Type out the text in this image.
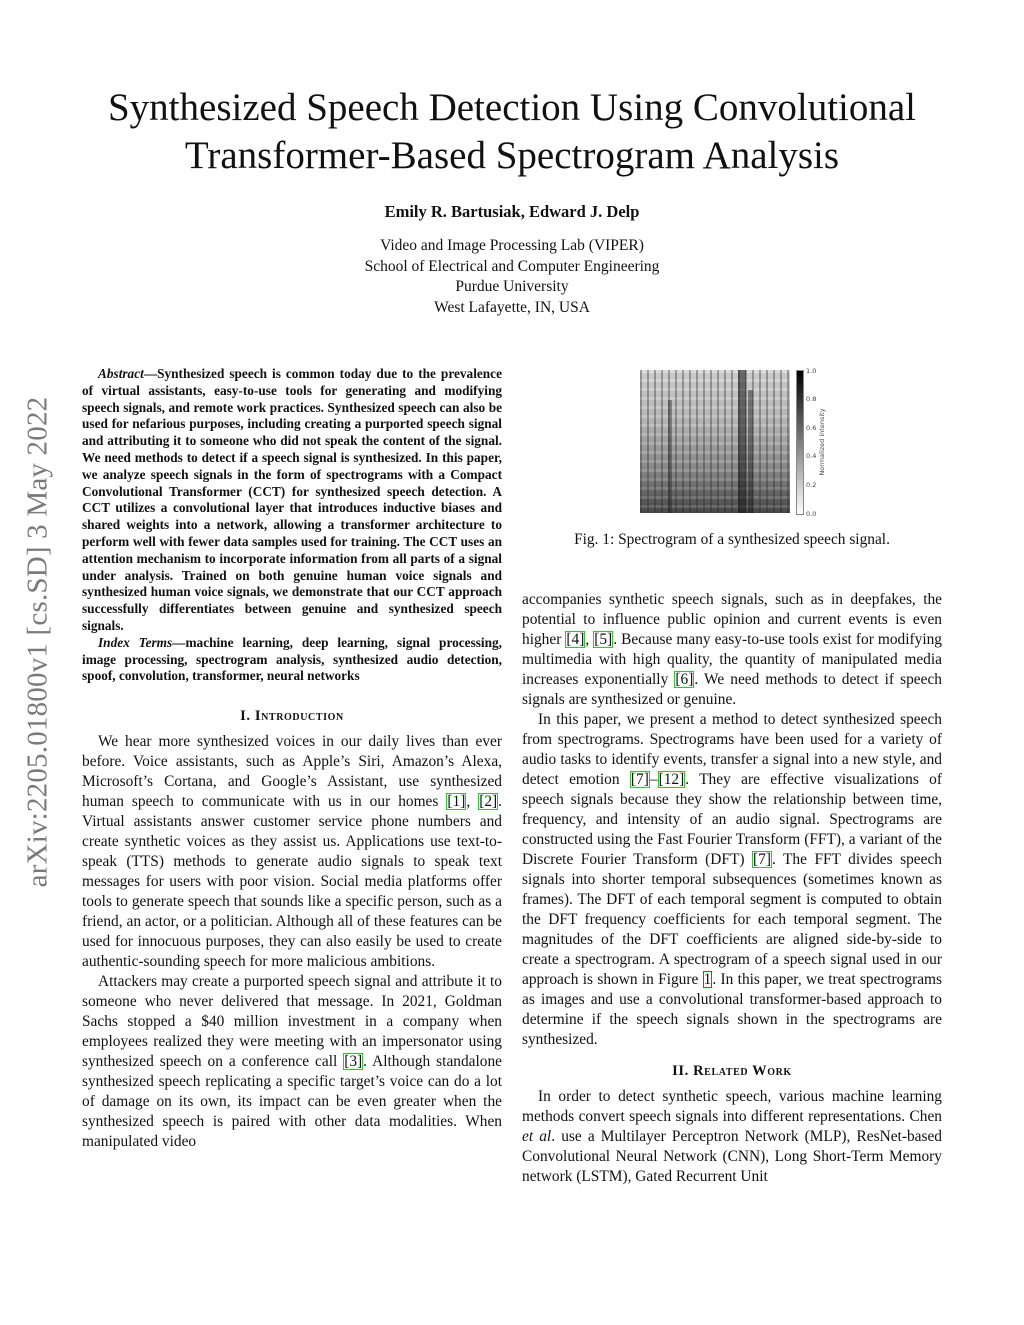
arXiv:2205.01800v1 [cs.SD] 3 May 2022
Synthesized Speech Detection Using Convolutional
Transformer-Based Spectrogram Analysis
Emily R. Bartusiak, Edward J. Delp
Video and Image Processing Lab (VIPER)
School of Electrical and Computer Engineering
Purdue University
West Lafayette, IN, USA

Abstract—Synthesized speech is common today due to the prevalence of virtual assistants, easy-to-use tools for generating and modifying speech signals, and remote work practices. Synthesized speech can also be used for nefarious purposes, including creating a purported speech signal and attributing it to someone who did not speak the content of the signal. We need methods to detect if a speech signal is synthesized. In this paper, we analyze speech signals in the form of spectrograms with a Compact Convolutional Transformer (CCT) for synthesized speech detection. A CCT utilizes a convolutional layer that introduces inductive biases and shared weights into a network, allowing a transformer architecture to perform well with fewer data samples used for training. The CCT uses an attention mechanism to incorporate information from all parts of a signal under analysis. Trained on both genuine human voice signals and synthesized human voice signals, we demonstrate that our CCT approach successfully differentiates between genuine and synthesized speech signals.

Index Terms—machine learning, deep learning, signal processing, image processing, spectrogram analysis, synthesized audio detection, spoof, convolution, transformer, neural networks

I. Introduction

We hear more synthesized voices in our daily lives than ever before. Voice assistants, such as Apple’s Siri, Amazon’s Alexa, Microsoft’s Cortana, and Google’s Assistant, use synthesized human speech to communicate with us in our homes [1], [2]. Virtual assistants answer customer service phone numbers and create synthetic voices as they assist us. Applications use text-to-speak (TTS) methods to generate audio signals to speak text messages for users with poor vision. Social media platforms offer tools to generate speech that sounds like a specific person, such as a friend, an actor, or a politician. Although all of these features can be used for innocuous purposes, they can also easily be used to create authentic-sounding speech for more malicious ambitions.

Attackers may create a purported speech signal and attribute it to someone who never delivered that message. In 2021, Goldman Sachs stopped a $40 million investment in a company when employees realized they were meeting with an impersonator using synthesized speech on a conference call [3]. Although standalone synthesized speech replicating a specific target’s voice can do a lot of damage on its own, its impact can be even greater when the synthesized speech is paired with other data modalities. When manipulated video

1.0
0.8
0.6
0.4
0.2
0.0
Normalized intensity
Fig. 1: Spectrogram of a synthesized speech signal.

accompanies synthetic speech signals, such as in deepfakes, the potential to influence public opinion and current events is even higher [4], [5]. Because many easy-to-use tools exist for modifying multimedia with high quality, the quantity of manipulated media increases exponentially [6]. We need methods to detect if speech signals are synthesized or genuine.

In this paper, we present a method to detect synthesized speech from spectrograms. Spectrograms have been used for a variety of audio tasks to identify events, transfer a signal into a new style, and detect emotion [7]–[12]. They are effective visualizations of speech signals because they show the relationship between time, frequency, and intensity of an audio signal. Spectrograms are constructed using the Fast Fourier Transform (FFT), a variant of the Discrete Fourier Transform (DFT) [7]. The FFT divides speech signals into shorter temporal subsequences (sometimes known as frames). The DFT of each temporal segment is computed to obtain the DFT frequency coefficients for each temporal segment. The magnitudes of the DFT coefficients are aligned side-by-side to create a spectrogram. A spectrogram of a speech signal used in our approach is shown in Figure 1. In this paper, we treat spectrograms as images and use a convolutional transformer-based approach to determine if the speech signals shown in the spectrograms are synthesized.

II. Related Work

In order to detect synthetic speech, various machine learning methods convert speech signals into different representations. Chen et al. use a Multilayer Perceptron Network (MLP), ResNet-based Convolutional Neural Network (CNN), Long Short-Term Memory network (LSTM), Gated Recurrent Unit
